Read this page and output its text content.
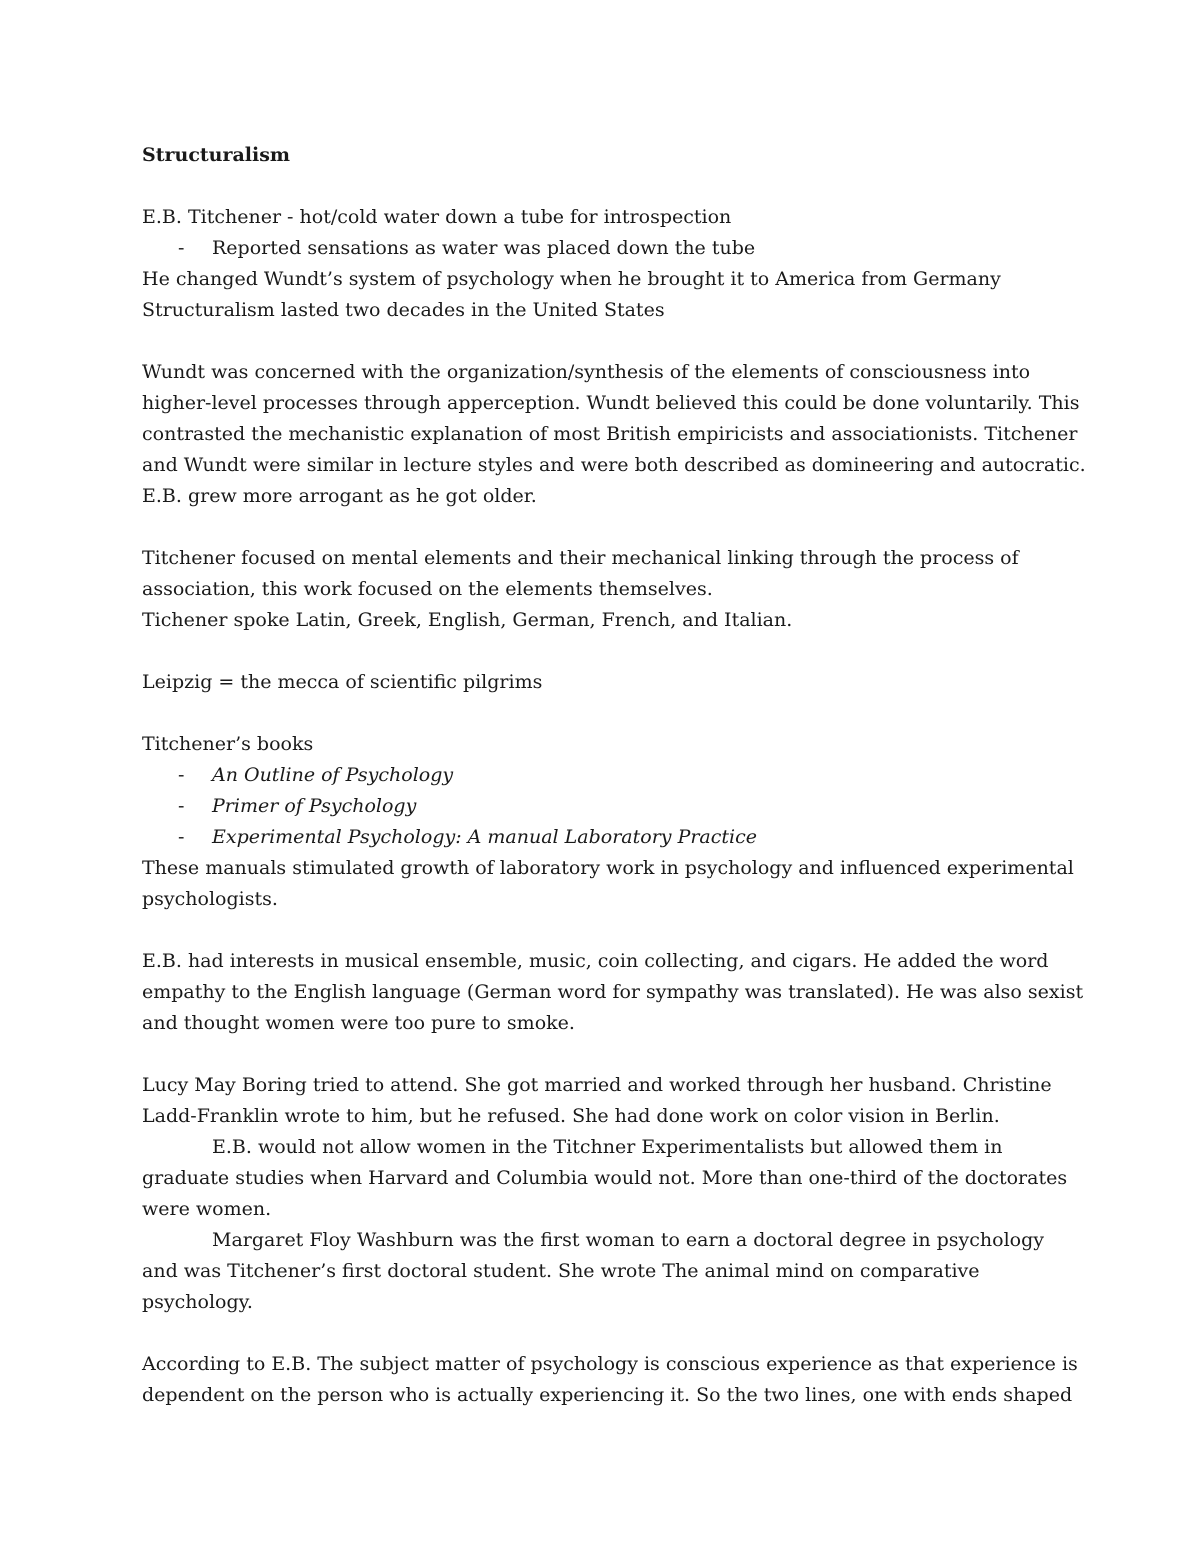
Structuralism

E.B. Titchener - hot/cold water down a tube for introspection

- Reported sensations as water was placed down the tube

He changed Wundt’s system of psychology when he brought it to America from Germany

Structuralism lasted two decades in the United States

Wundt was concerned with the organization/synthesis of the elements of consciousness into

higher-level processes through apperception. Wundt believed this could be done voluntarily. This

contrasted the mechanistic explanation of most British empiricists and associationists. Titchener

and Wundt were similar in lecture styles and were both described as domineering and autocratic.

E.B. grew more arrogant as he got older.

Titchener focused on mental elements and their mechanical linking through the process of

association, this work focused on the elements themselves.

Tichener spoke Latin, Greek, English, German, French, and Italian.

Leipzig = the mecca of scientific pilgrims

Titchener’s books

- An Outline of Psychology

- Primer of Psychology

- Experimental Psychology: A manual Laboratory Practice

These manuals stimulated growth of laboratory work in psychology and influenced experimental

psychologists.

E.B. had interests in musical ensemble, music, coin collecting, and cigars. He added the word

empathy to the English language (German word for sympathy was translated). He was also sexist

and thought women were too pure to smoke.

Lucy May Boring tried to attend. She got married and worked through her husband. Christine

Ladd-Franklin wrote to him, but he refused. She had done work on color vision in Berlin.

E.B. would not allow women in the Titchner Experimentalists but allowed them in

graduate studies when Harvard and Columbia would not. More than one-third of the doctorates

were women.

Margaret Floy Washburn was the first woman to earn a doctoral degree in psychology

and was Titchener’s first doctoral student. She wrote The animal mind on comparative

psychology.

According to E.B. The subject matter of psychology is conscious experience as that experience is

dependent on the person who is actually experiencing it. So the two lines, one with ends shaped
